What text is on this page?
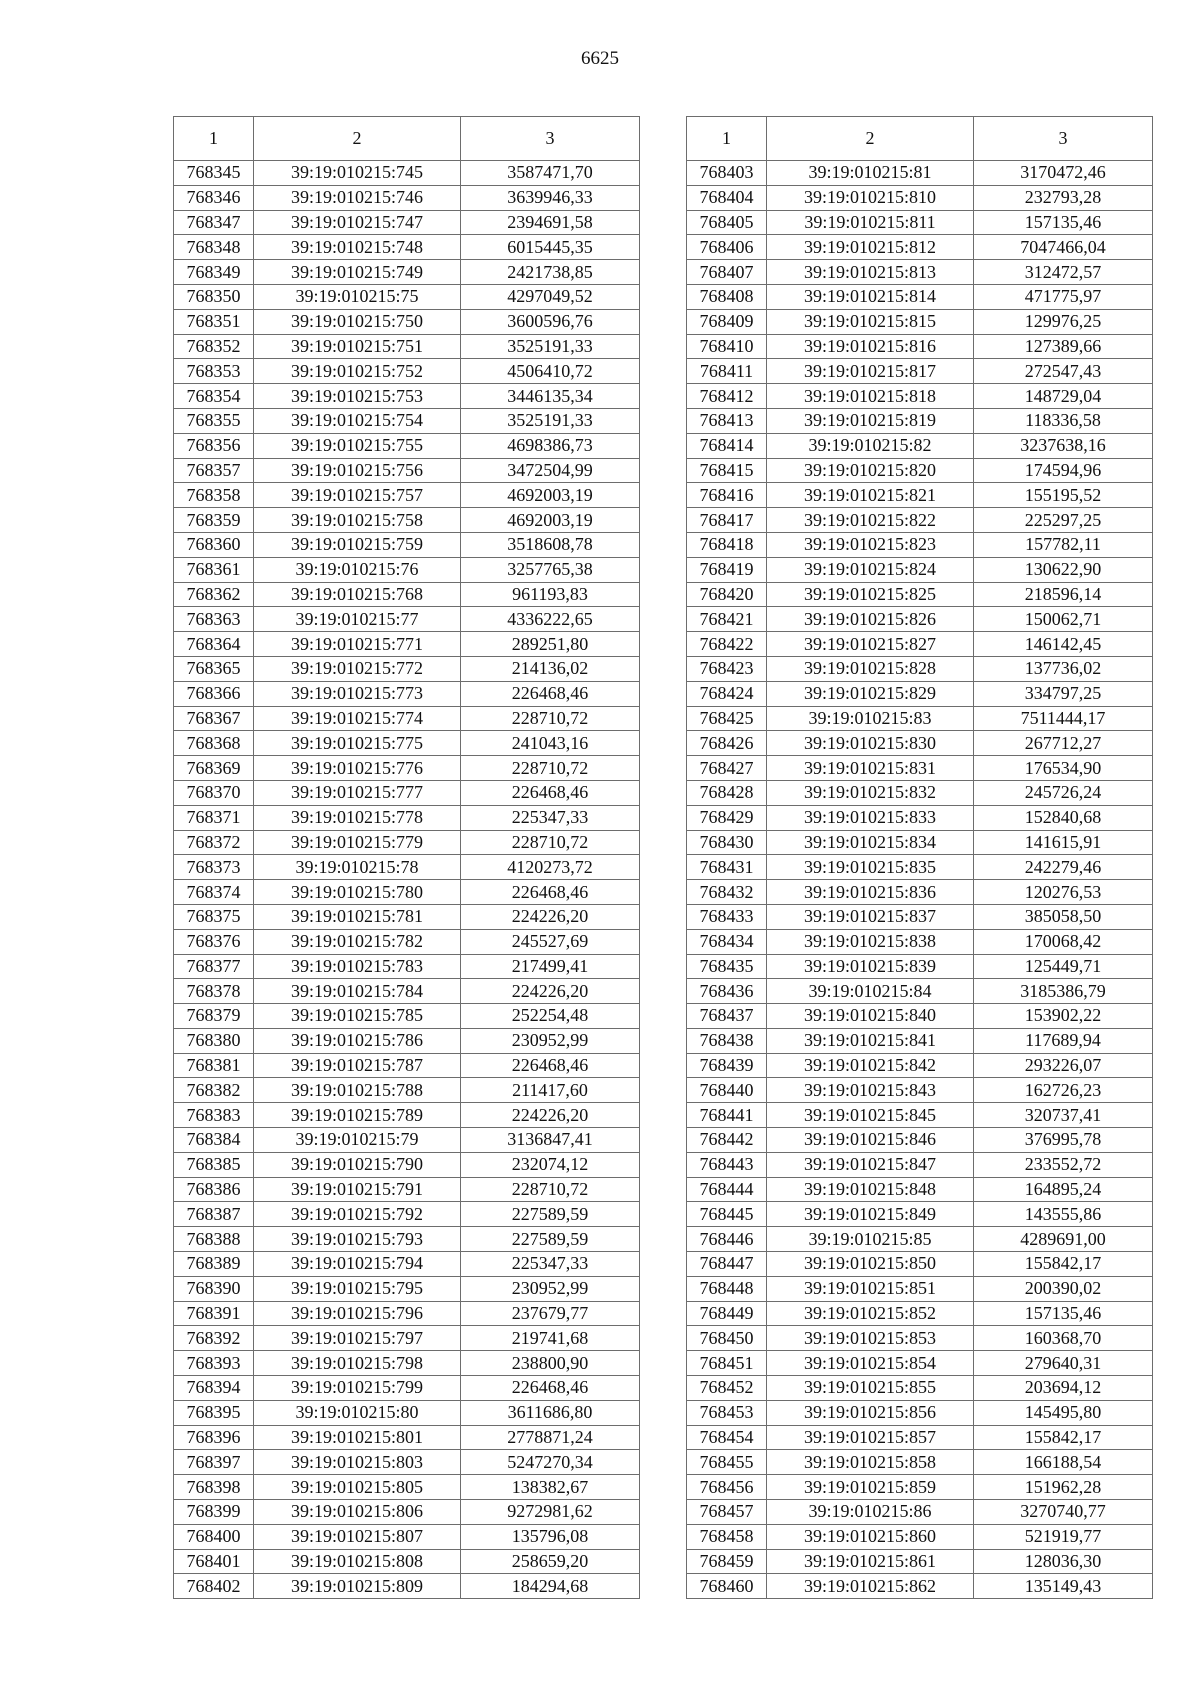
6625
1	2	3
768345	39:19:010215:745	3587471,70
768346	39:19:010215:746	3639946,33
768347	39:19:010215:747	2394691,58
768348	39:19:010215:748	6015445,35
768349	39:19:010215:749	2421738,85
768350	39:19:010215:75	4297049,52
768351	39:19:010215:750	3600596,76
768352	39:19:010215:751	3525191,33
768353	39:19:010215:752	4506410,72
768354	39:19:010215:753	3446135,34
768355	39:19:010215:754	3525191,33
768356	39:19:010215:755	4698386,73
768357	39:19:010215:756	3472504,99
768358	39:19:010215:757	4692003,19
768359	39:19:010215:758	4692003,19
768360	39:19:010215:759	3518608,78
768361	39:19:010215:76	3257765,38
768362	39:19:010215:768	961193,83
768363	39:19:010215:77	4336222,65
768364	39:19:010215:771	289251,80
768365	39:19:010215:772	214136,02
768366	39:19:010215:773	226468,46
768367	39:19:010215:774	228710,72
768368	39:19:010215:775	241043,16
768369	39:19:010215:776	228710,72
768370	39:19:010215:777	226468,46
768371	39:19:010215:778	225347,33
768372	39:19:010215:779	228710,72
768373	39:19:010215:78	4120273,72
768374	39:19:010215:780	226468,46
768375	39:19:010215:781	224226,20
768376	39:19:010215:782	245527,69
768377	39:19:010215:783	217499,41
768378	39:19:010215:784	224226,20
768379	39:19:010215:785	252254,48
768380	39:19:010215:786	230952,99
768381	39:19:010215:787	226468,46
768382	39:19:010215:788	211417,60
768383	39:19:010215:789	224226,20
768384	39:19:010215:79	3136847,41
768385	39:19:010215:790	232074,12
768386	39:19:010215:791	228710,72
768387	39:19:010215:792	227589,59
768388	39:19:010215:793	227589,59
768389	39:19:010215:794	225347,33
768390	39:19:010215:795	230952,99
768391	39:19:010215:796	237679,77
768392	39:19:010215:797	219741,68
768393	39:19:010215:798	238800,90
768394	39:19:010215:799	226468,46
768395	39:19:010215:80	3611686,80
768396	39:19:010215:801	2778871,24
768397	39:19:010215:803	5247270,34
768398	39:19:010215:805	138382,67
768399	39:19:010215:806	9272981,62
768400	39:19:010215:807	135796,08
768401	39:19:010215:808	258659,20
768402	39:19:010215:809	184294,68
1	2	3
768403	39:19:010215:81	3170472,46
768404	39:19:010215:810	232793,28
768405	39:19:010215:811	157135,46
768406	39:19:010215:812	7047466,04
768407	39:19:010215:813	312472,57
768408	39:19:010215:814	471775,97
768409	39:19:010215:815	129976,25
768410	39:19:010215:816	127389,66
768411	39:19:010215:817	272547,43
768412	39:19:010215:818	148729,04
768413	39:19:010215:819	118336,58
768414	39:19:010215:82	3237638,16
768415	39:19:010215:820	174594,96
768416	39:19:010215:821	155195,52
768417	39:19:010215:822	225297,25
768418	39:19:010215:823	157782,11
768419	39:19:010215:824	130622,90
768420	39:19:010215:825	218596,14
768421	39:19:010215:826	150062,71
768422	39:19:010215:827	146142,45
768423	39:19:010215:828	137736,02
768424	39:19:010215:829	334797,25
768425	39:19:010215:83	7511444,17
768426	39:19:010215:830	267712,27
768427	39:19:010215:831	176534,90
768428	39:19:010215:832	245726,24
768429	39:19:010215:833	152840,68
768430	39:19:010215:834	141615,91
768431	39:19:010215:835	242279,46
768432	39:19:010215:836	120276,53
768433	39:19:010215:837	385058,50
768434	39:19:010215:838	170068,42
768435	39:19:010215:839	125449,71
768436	39:19:010215:84	3185386,79
768437	39:19:010215:840	153902,22
768438	39:19:010215:841	117689,94
768439	39:19:010215:842	293226,07
768440	39:19:010215:843	162726,23
768441	39:19:010215:845	320737,41
768442	39:19:010215:846	376995,78
768443	39:19:010215:847	233552,72
768444	39:19:010215:848	164895,24
768445	39:19:010215:849	143555,86
768446	39:19:010215:85	4289691,00
768447	39:19:010215:850	155842,17
768448	39:19:010215:851	200390,02
768449	39:19:010215:852	157135,46
768450	39:19:010215:853	160368,70
768451	39:19:010215:854	279640,31
768452	39:19:010215:855	203694,12
768453	39:19:010215:856	145495,80
768454	39:19:010215:857	155842,17
768455	39:19:010215:858	166188,54
768456	39:19:010215:859	151962,28
768457	39:19:010215:86	3270740,77
768458	39:19:010215:860	521919,77
768459	39:19:010215:861	128036,30
768460	39:19:010215:862	135149,43
